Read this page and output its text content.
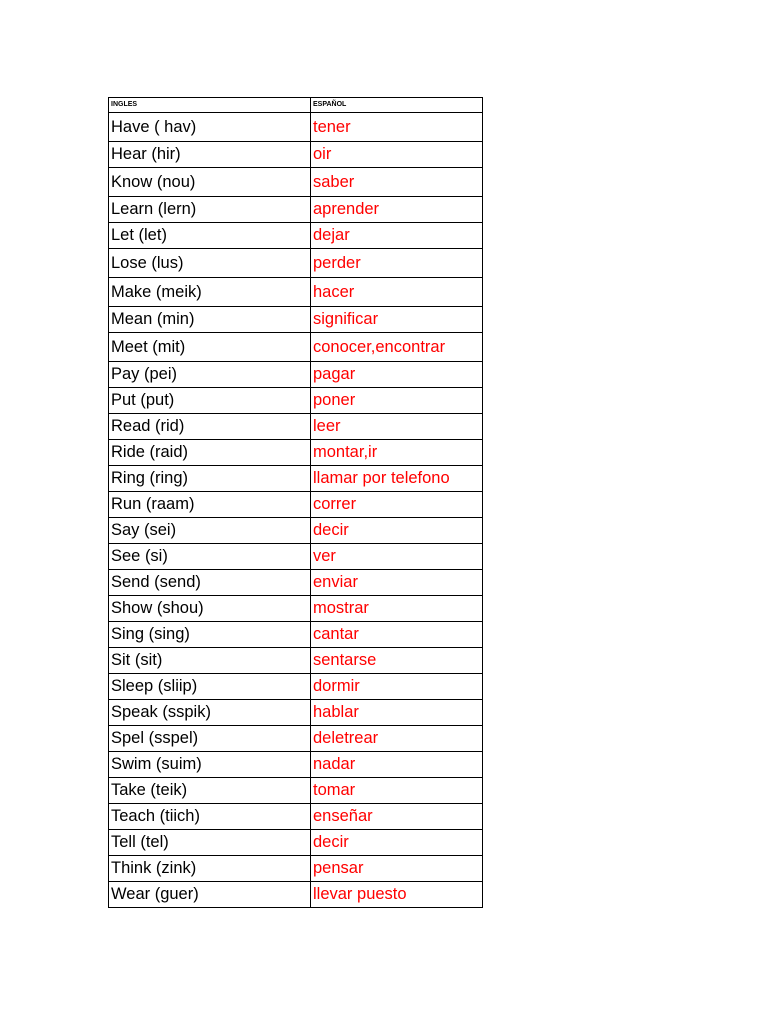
INGLES	ESPAÑOL
Have ( hav)	tener
Hear (hir)	oir
Know (nou)	saber
Learn (lern)	aprender
Let (let)	dejar
Lose (lus)	perder
Make (meik)	hacer
Mean (min)	significar
Meet (mit)	conocer,encontrar
Pay (pei)	pagar
Put (put)	poner
Read (rid)	leer
Ride (raid)	montar,ir
Ring (ring)	llamar por telefono
Run (raam)	correr
Say (sei)	decir
See (si)	ver
Send (send)	enviar
Show (shou)	mostrar
Sing (sing)	cantar
Sit (sit)	sentarse
Sleep (sliip)	dormir
Speak (sspik)	hablar
Spel (sspel)	deletrear
Swim (suim)	nadar
Take (teik)	tomar
Teach (tiich)	enseñar
Tell (tel)	decir
Think (zink)	pensar
Wear (guer)	llevar puesto
